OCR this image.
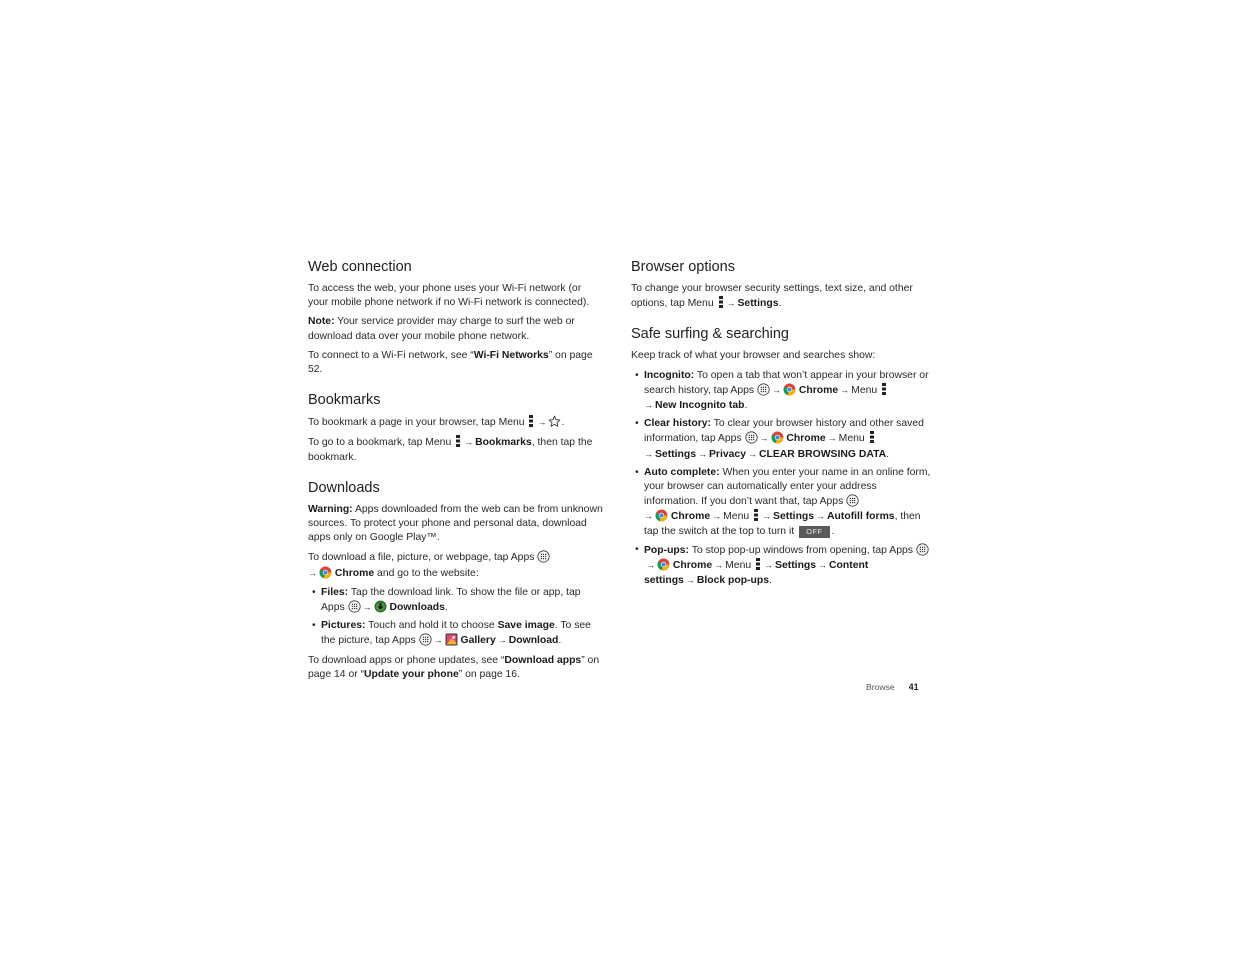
Web connection

To access the web, your phone uses your Wi-Fi network (or your mobile phone network if no Wi-Fi network is connected).

Note: Your service provider may charge to surf the web or download data over your mobile phone network.

To connect to a Wi-Fi network, see “Wi-Fi Networks” on page 52.

Bookmarks

To bookmark a page in your browser, tap Menu → .

To go to a bookmark, tap Menu → Bookmarks, then tap the bookmark.

Downloads

Warning: Apps downloaded from the web can be from unknown sources. To protect your phone and personal data, download apps only on Google Play™.

To download a file, picture, or webpage, tap Apps
→ Chrome and go to the website:

• Files: Tap the download link. To show the file or app, tap Apps → Downloads.
• Pictures: Touch and hold it to choose Save image. To see the picture, tap Apps → Gallery → Download.

To download apps or phone updates, see “Download apps” on page 14 or “Update your phone” on page 16.

Browser options

To change your browser security settings, text size, and other options, tap Menu → Settings.

Safe surfing & searching

Keep track of what your browser and searches show:

• Incognito: To open a tab that won’t appear in your browser or search history, tap Apps → Chrome → Menu
→ New Incognito tab.
• Clear history: To clear your browser history and other saved information, tap Apps → Chrome → Menu
→ Settings → Privacy → CLEAR BROWSING DATA.
• Auto complete: When you enter your name in an online form, your browser can automatically enter your address information. If you don’t want that, tap Apps
→ Chrome → Menu → Settings → Autofill forms, then tap the switch at the top to turn it OFF .
• Pop-ups: To stop pop-up windows from opening, tap Apps → Chrome → Menu → Settings → Content settings → Block pop-ups.
Browse 41
